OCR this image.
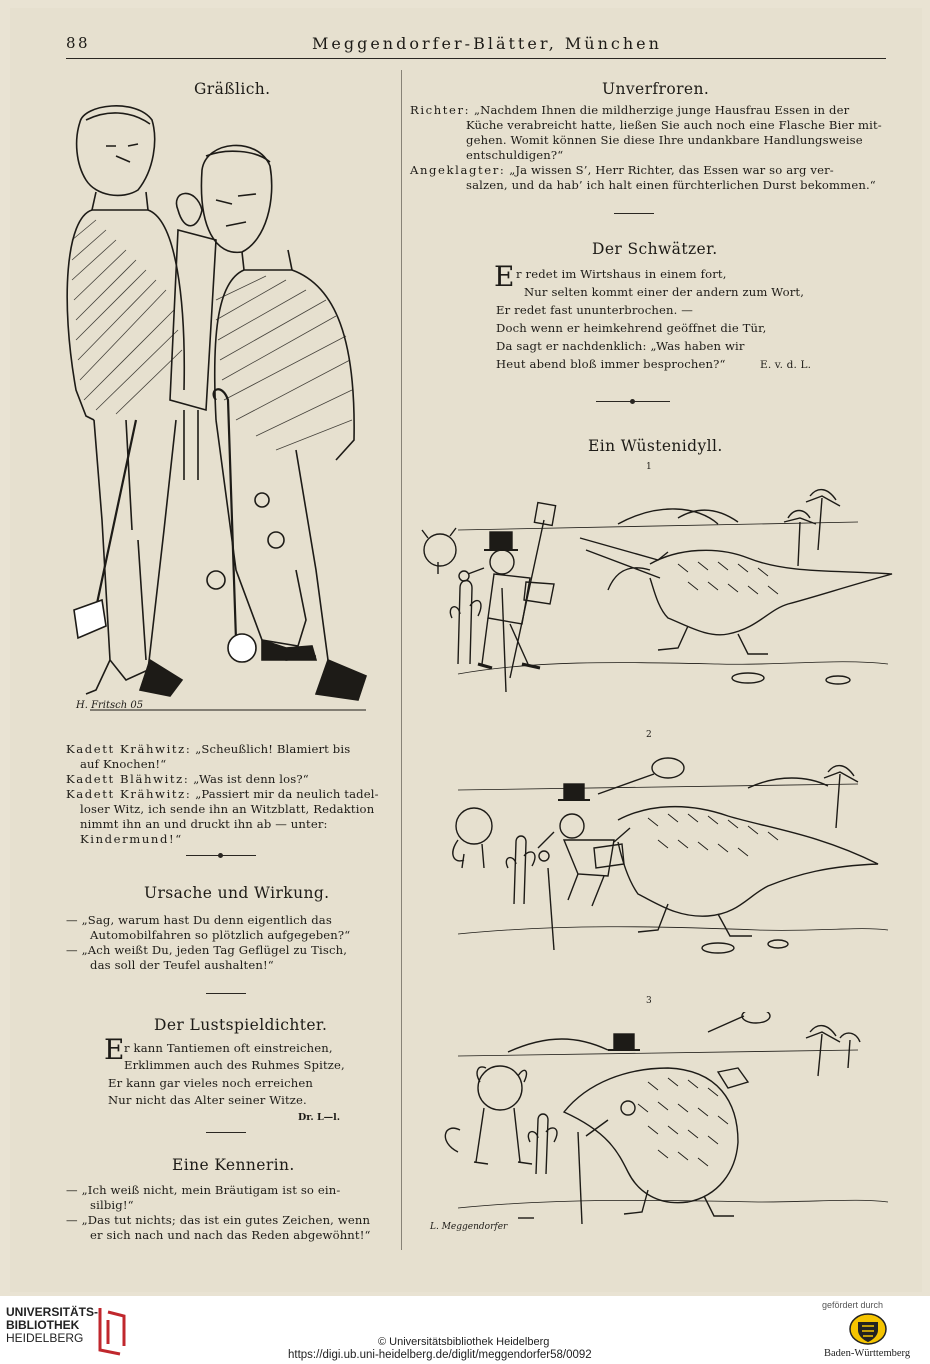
88	Meggendorfer-Blätter, München
Gräßlich.
H. Fritsch 05
Kadett Krähwitz: „Scheußlich! Blamiert bis
auf Knochen!“
Kadett Blähwitz: „Was ist denn los?“
Kadett Krähwitz: „Passiert mir da neulich tadel-
loser Witz, ich sende ihn an Witzblatt, Redaktion
nimmt ihn an und druckt ihn ab — unter:
Kindermund!“
Ursache und Wirkung.
— „Sag, warum hast Du denn eigentlich das
Automobilfahren so plötzlich aufgegeben?“
— „Ach weißt Du, jeden Tag Geflügel zu Tisch,
das soll der Teufel aushalten!“
Der Lustspieldichter.
E r kann Tantiemen oft einstreichen,
Erklimmen auch des Ruhmes Spitze,
Er kann gar vieles noch erreichen
Nur nicht das Alter seiner Witze.
Dr. L—l.
Eine Kennerin.
— „Ich weiß nicht, mein Bräutigam ist so ein-
silbig!“
— „Das tut nichts; das ist ein gutes Zeichen, wenn
er sich nach und nach das Reden abgewöhnt!“
Unverfroren.
Richter: „Nachdem Ihnen die mildherzige junge Hausfrau Essen in der
Küche verabreicht hatte, ließen Sie auch noch eine Flasche Bier mit-
gehen. Womit können Sie diese Ihre undankbare Handlungsweise
entschuldigen?“
Angeklagter: „Ja wissen S’, Herr Richter, das Essen war so arg ver-
salzen, und da hab’ ich halt einen fürchterlichen Durst bekommen.“
Der Schwätzer.
E r redet im Wirtshaus in einem fort,
Nur selten kommt einer der andern zum Wort,
Er redet fast ununterbrochen. —
Doch wenn er heimkehrend geöffnet die Tür,
Da sagt er nachdenklich: „Was haben wir
Heut abend bloß immer besprochen?“	E. v. d. L.
Ein Wüstenidyll.
1
2
3
L. Meggendorfer
UNIVERSITÄTS-
BIBLIOTHEK
HEIDELBERG	© Universitätsbibliothek Heidelberg
https://digi.ub.uni-heidelberg.de/diglit/meggendorfer58/0092
gefördert durch
Baden-Württemberg
